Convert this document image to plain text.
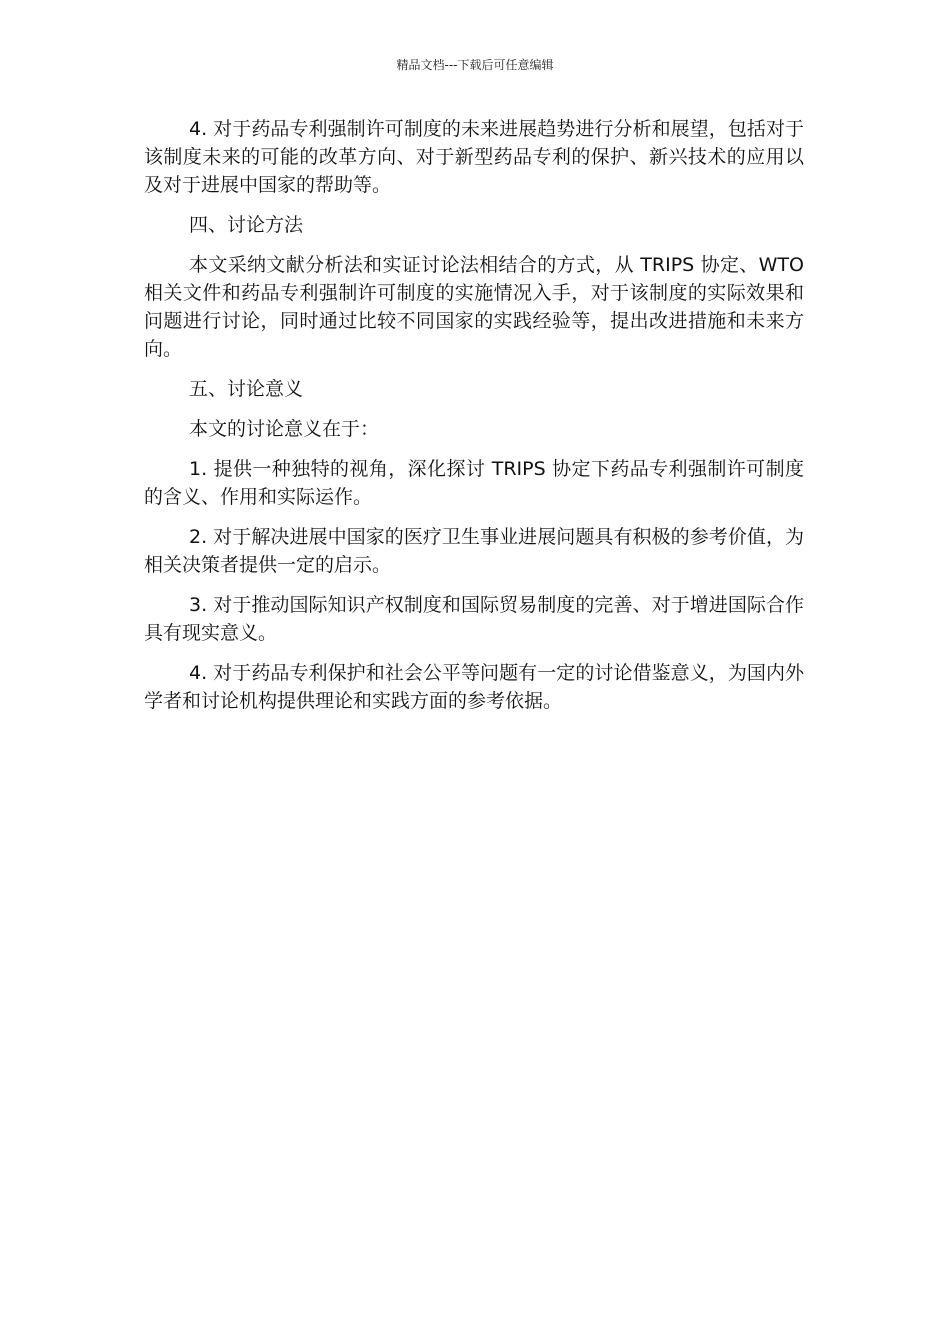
精品文档---下载后可任意编辑

4. 对于药品专利强制许可制度的未来进展趋势进行分析和展望，包括对于该制度未来的可能的改革方向、对于新型药品专利的保护、新兴技术的应用以及对于进展中国家的帮助等。

四、讨论方法

本文采纳文献分析法和实证讨论法相结合的方式，从 TRIPS 协定、WTO 相关文件和药品专利强制许可制度的实施情况入手，对于该制度的实际效果和问题进行讨论，同时通过比较不同国家的实践经验等，提出改进措施和未来方向。

五、讨论意义

本文的讨论意义在于：

1. 提供一种独特的视角，深化探讨 TRIPS 协定下药品专利强制许可制度的含义、作用和实际运作。

2. 对于解决进展中国家的医疗卫生事业进展问题具有积极的参考价值，为相关决策者提供一定的启示。

3. 对于推动国际知识产权制度和国际贸易制度的完善、对于增进国际合作具有现实意义。

4. 对于药品专利保护和社会公平等问题有一定的讨论借鉴意义，为国内外学者和讨论机构提供理论和实践方面的参考依据。
